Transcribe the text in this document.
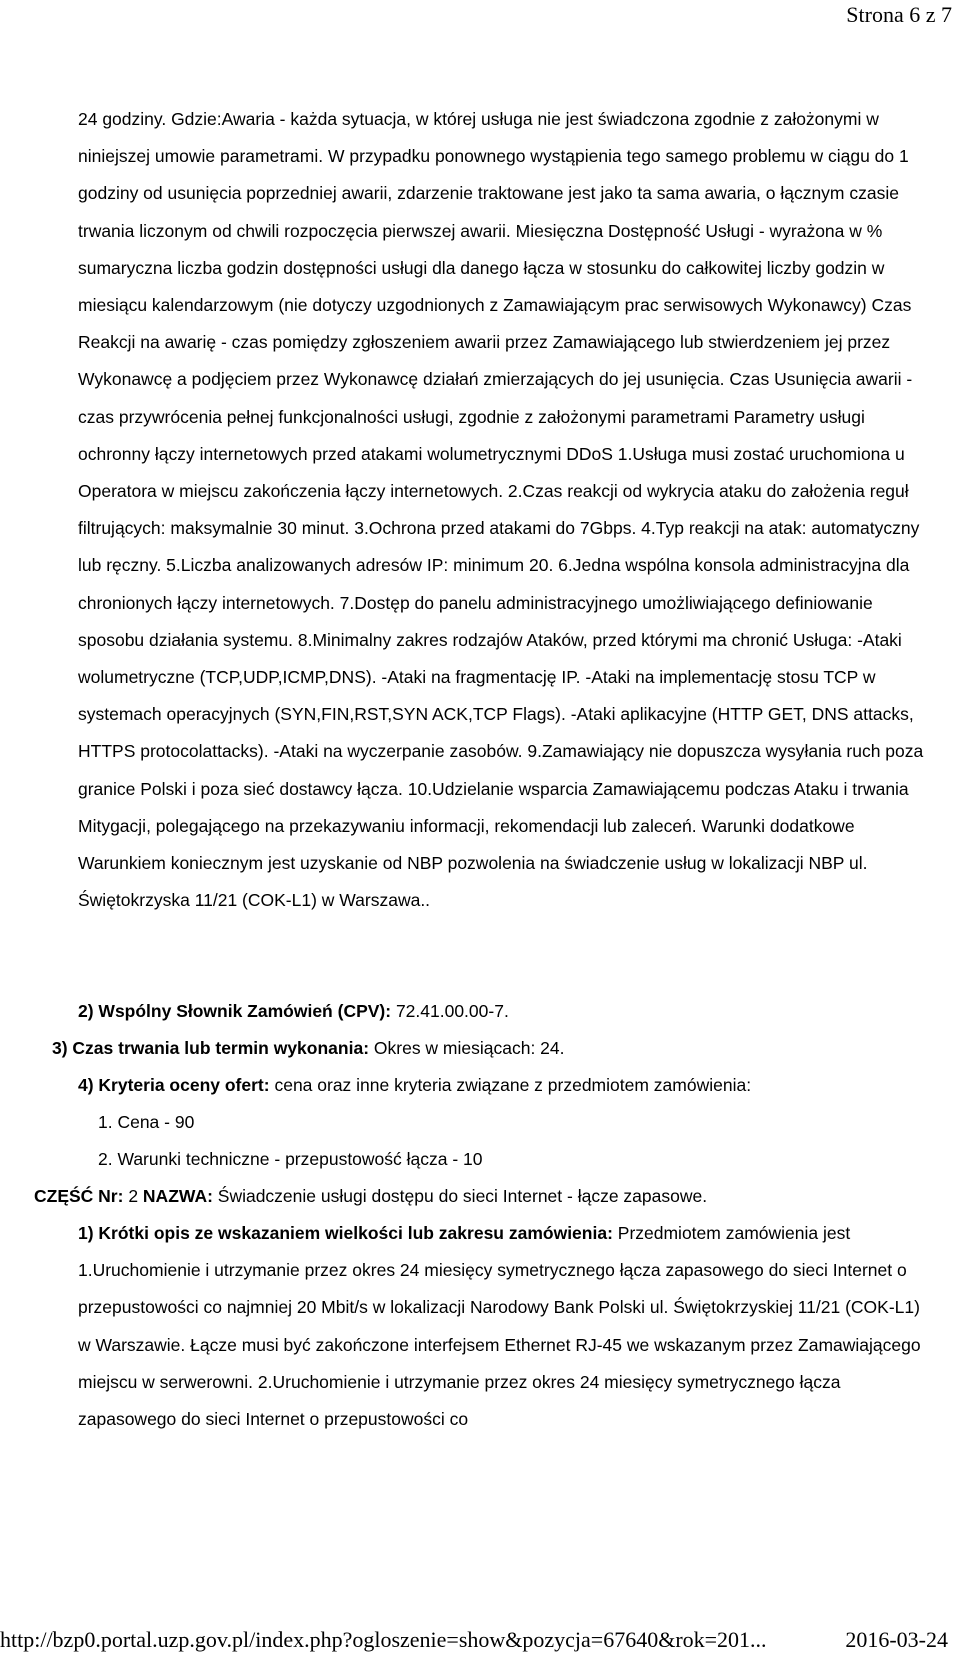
Strona 6 z 7

24 godziny. Gdzie:Awaria - każda sytuacja, w której usługa nie jest świadczona zgodnie z założonymi w niniejszej umowie parametrami. W przypadku ponownego wystąpienia tego samego problemu w ciągu do 1 godziny od usunięcia poprzedniej awarii, zdarzenie traktowane jest jako ta sama awaria, o łącznym czasie trwania liczonym od chwili rozpoczęcia pierwszej awarii. Miesięczna Dostępność Usługi - wyrażona w % sumaryczna liczba godzin dostępności usługi dla danego łącza w stosunku do całkowitej liczby godzin w miesiącu kalendarzowym (nie dotyczy uzgodnionych z Zamawiającym prac serwisowych Wykonawcy) Czas Reakcji na awarię - czas pomiędzy zgłoszeniem awarii przez Zamawiającego lub stwierdzeniem jej przez Wykonawcę a podjęciem przez Wykonawcę działań zmierzających do jej usunięcia. Czas Usunięcia awarii - czas przywrócenia pełnej funkcjonalności usługi, zgodnie z założonymi parametrami Parametry usługi ochronny łączy internetowych przed atakami wolumetrycznymi DDoS 1.Usługa musi zostać uruchomiona u Operatora w miejscu zakończenia łączy internetowych. 2.Czas reakcji od wykrycia ataku do założenia reguł filtrujących: maksymalnie 30 minut. 3.Ochrona przed atakami do 7Gbps. 4.Typ reakcji na atak: automatyczny lub ręczny. 5.Liczba analizowanych adresów IP: minimum 20. 6.Jedna wspólna konsola administracyjna dla chronionych łączy internetowych. 7.Dostęp do panelu administracyjnego umożliwiającego definiowanie sposobu działania systemu. 8.Minimalny zakres rodzajów Ataków, przed którymi ma chronić Usługa: -Ataki wolumetryczne (TCP,UDP,ICMP,DNS). -Ataki na fragmentację IP. -Ataki na implementację stosu TCP w systemach operacyjnych (SYN,FIN,RST,SYN ACK,TCP Flags). -Ataki aplikacyjne (HTTP GET, DNS attacks, HTTPS protocolattacks). -Ataki na wyczerpanie zasobów. 9.Zamawiający nie dopuszcza wysyłania ruch poza granice Polski i poza sieć dostawcy łącza. 10.Udzielanie wsparcia Zamawiającemu podczas Ataku i trwania Mitygacji, polegającego na przekazywaniu informacji, rekomendacji lub zaleceń. Warunki dodatkowe Warunkiem koniecznym jest uzyskanie od NBP pozwolenia na świadczenie usług w lokalizacji NBP ul. Świętokrzyska 11/21 (COK-L1) w Warszawa..

2) Wspólny Słownik Zamówień (CPV): 72.41.00.00-7.
3) Czas trwania lub termin wykonania: Okres w miesiącach: 24.
4) Kryteria oceny ofert: cena oraz inne kryteria związane z przedmiotem zamówienia:
1. Cena - 90
2. Warunki techniczne - przepustowość łącza - 10
CZĘŚĆ Nr: 2 NAZWA: Świadczenie usługi dostępu do sieci Internet - łącze zapasowe.
1) Krótki opis ze wskazaniem wielkości lub zakresu zamówienia: Przedmiotem zamówienia jest 1.Uruchomienie i utrzymanie przez okres 24 miesięcy symetrycznego łącza zapasowego do sieci Internet o przepustowości co najmniej 20 Mbit/s w lokalizacji Narodowy Bank Polski ul. Świętokrzyskiej 11/21 (COK-L1) w Warszawie. Łącze musi być zakończone interfejsem Ethernet RJ-45 we wskazanym przez Zamawiającego miejscu w serwerowni. 2.Uruchomienie i utrzymanie przez okres 24 miesięcy symetrycznego łącza zapasowego do sieci Internet o przepustowości co
http://bzp0.portal.uzp.gov.pl/index.php?ogloszenie=show&pozycja=67640&rok=201...	2016-03-24
